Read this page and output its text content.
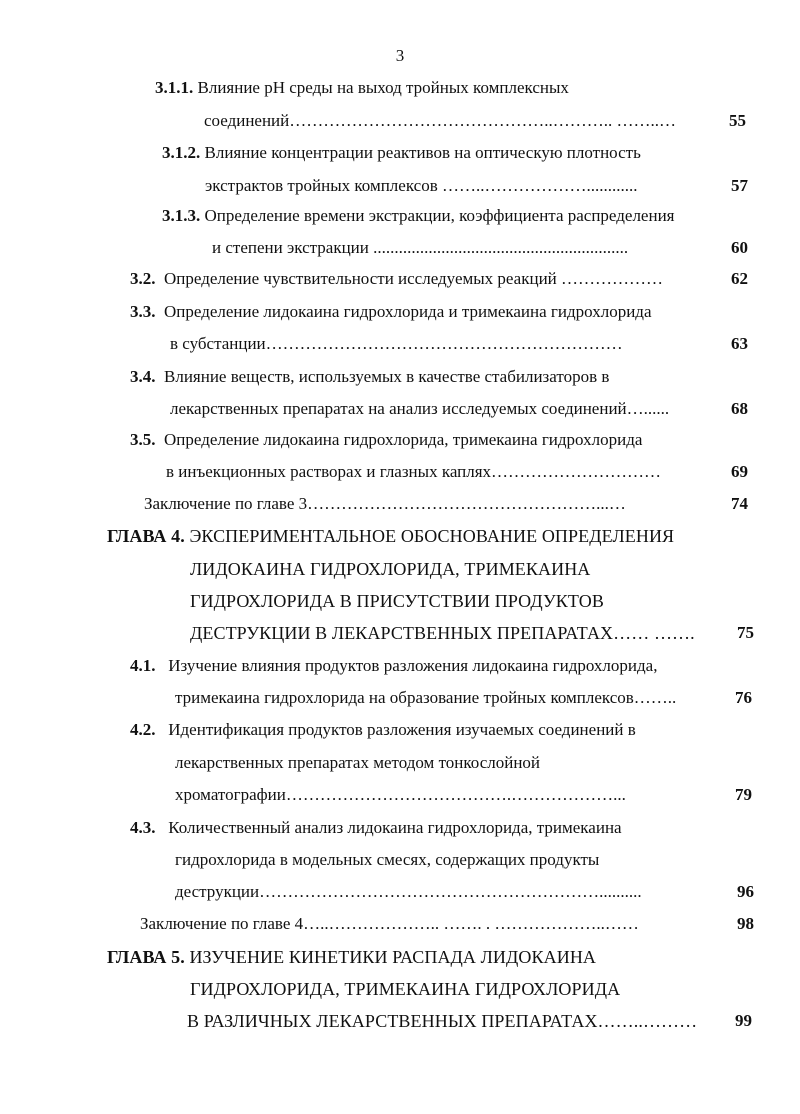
3
3.1.1. Влияние pH среды на выход тройных комплексных
соединений………………………………………..……….. ……..…	55
3.1.2. Влияние концентрации реактивов на оптическую плотность
экстрактов тройных комплексов ……..………………............	57
3.1.3. Определение времени экстракции, коэффициента распределения
и степени экстракции ............................................................	60
3.2. Определение чувствительности исследуемых реакций ………………	62
3.3. Определение лидокаина гидрохлорида и тримекаина гидрохлорида
в субстанции………………………………………………………	63
3.4. Влияние веществ, используемых в качестве стабилизаторов в
лекарственных препаратах на анализ исследуемых соединений…......	68
3.5. Определение лидокаина гидрохлорида, тримекаина гидрохлорида
в инъекционных растворах и глазных каплях…………………………	69
Заключение по главе 3……………………………………………...…	74
ГЛАВА 4. ЭКСПЕРИМЕНТАЛЬНОЕ ОБОСНОВАНИЕ ОПРЕДЕЛЕНИЯ
ЛИДОКАИНА ГИДРОХЛОРИДА, ТРИМЕКАИНА
ГИДРОХЛОРИДА В ПРИСУТСТВИИ ПРОДУКТОВ
ДЕСТРУКЦИИ В ЛЕКАРСТВЕННЫХ ПРЕПАРАТАХ…… …….	75
4.1. Изучение влияния продуктов разложения лидокаина гидрохлорида,
тримекаина гидрохлорида на образование тройных комплексов……..	76
4.2. Идентификация продуктов разложения изучаемых соединений в
лекарственных препаратах методом тонкослойной
хроматографии………………………………….………………...	79
4.3. Количественный анализ лидокаина гидрохлорида, тримекаина
гидрохлорида в модельных смесях, содержащих продукты
деструкции……………………………………………………..........	96
Заключение по главе 4…..……………….. ……. . ………………..……	98
ГЛАВА 5. ИЗУЧЕНИЕ КИНЕТИКИ РАСПАДА ЛИДОКАИНА
ГИДРОХЛОРИДА, ТРИМЕКАИНА ГИДРОХЛОРИДА
В РАЗЛИЧНЫХ ЛЕКАРСТВЕННЫХ ПРЕПАРАТАХ……..………	99
